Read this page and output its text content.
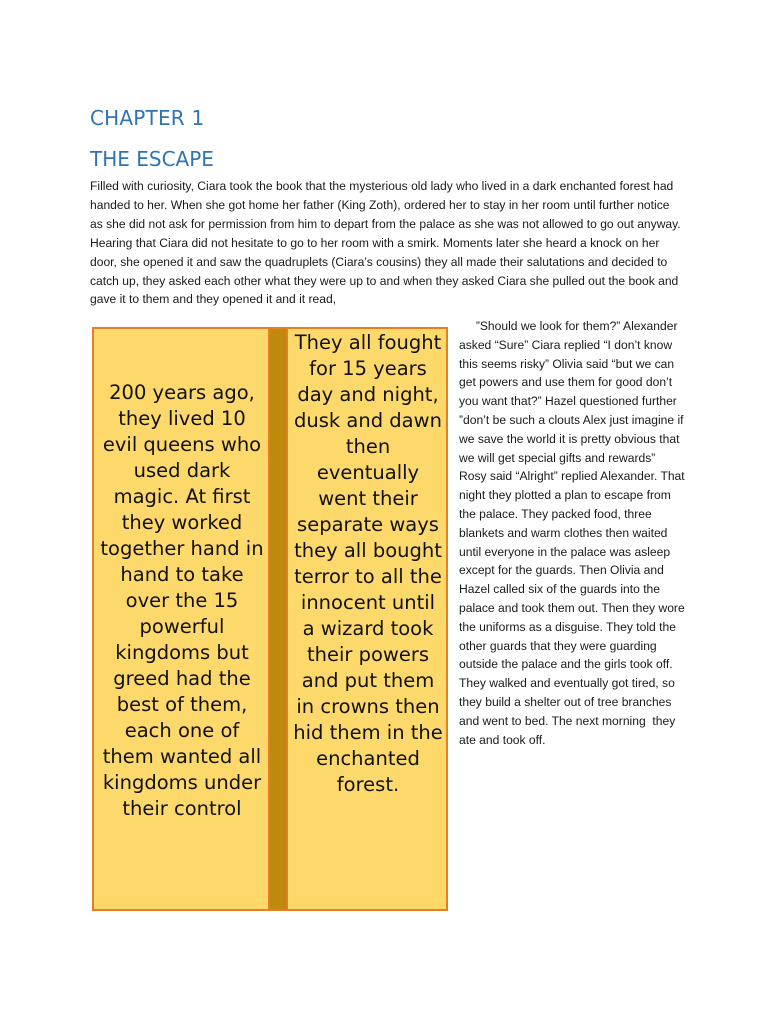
CHAPTER 1
THE ESCAPE

Filled with curiosity, Ciara took the book that the mysterious old lady who lived in a dark enchanted forest had handed to her. When she got home her father (King Zoth), ordered her to stay in her room until further notice as she did not ask for permission from him to depart from the palace as she was not allowed to go out anyway. Hearing that Ciara did not hesitate to go to her room with a smirk. Moments later she heard a knock on her door, she opened it and saw the quadruplets (Ciara’s cousins) they all made their salutations and decided to catch up, they asked each other what they were up to and when they asked Ciara she pulled out the book and gave it to them and they opened it and it read,

200 years ago, they lived 10 evil queens who used dark magic. At first they worked together hand in hand to take over the 15 powerful kingdoms but greed had the best of them, each one of them wanted all kingdoms under their control

They all fought for 15 years day and night, dusk and dawn then eventually went their separate ways they all bought terror to all the innocent until a wizard took their powers and put them in crowns then hid them in the enchanted forest.

”Should we look for them?” Alexander asked “Sure” Ciara replied “I don’t know this seems risky” Olivia said “but we can get powers and use them for good don’t you want that?” Hazel questioned further ”don’t be such a clouts Alex just imagine if we save the world it is pretty obvious that we will get special gifts and rewards” Rosy said “Alright” replied Alexander. That night they plotted a plan to escape from the palace. They packed food, three blankets and warm clothes then waited until everyone in the palace was asleep except for the guards. Then Olivia and Hazel called six of the guards into the palace and took them out. Then they wore the uniforms as a disguise. They told the other guards that they were guarding outside the palace and the girls took off. They walked and eventually got tired, so they build a shelter out of tree branches and went to bed. The next morning  they ate and took off.
